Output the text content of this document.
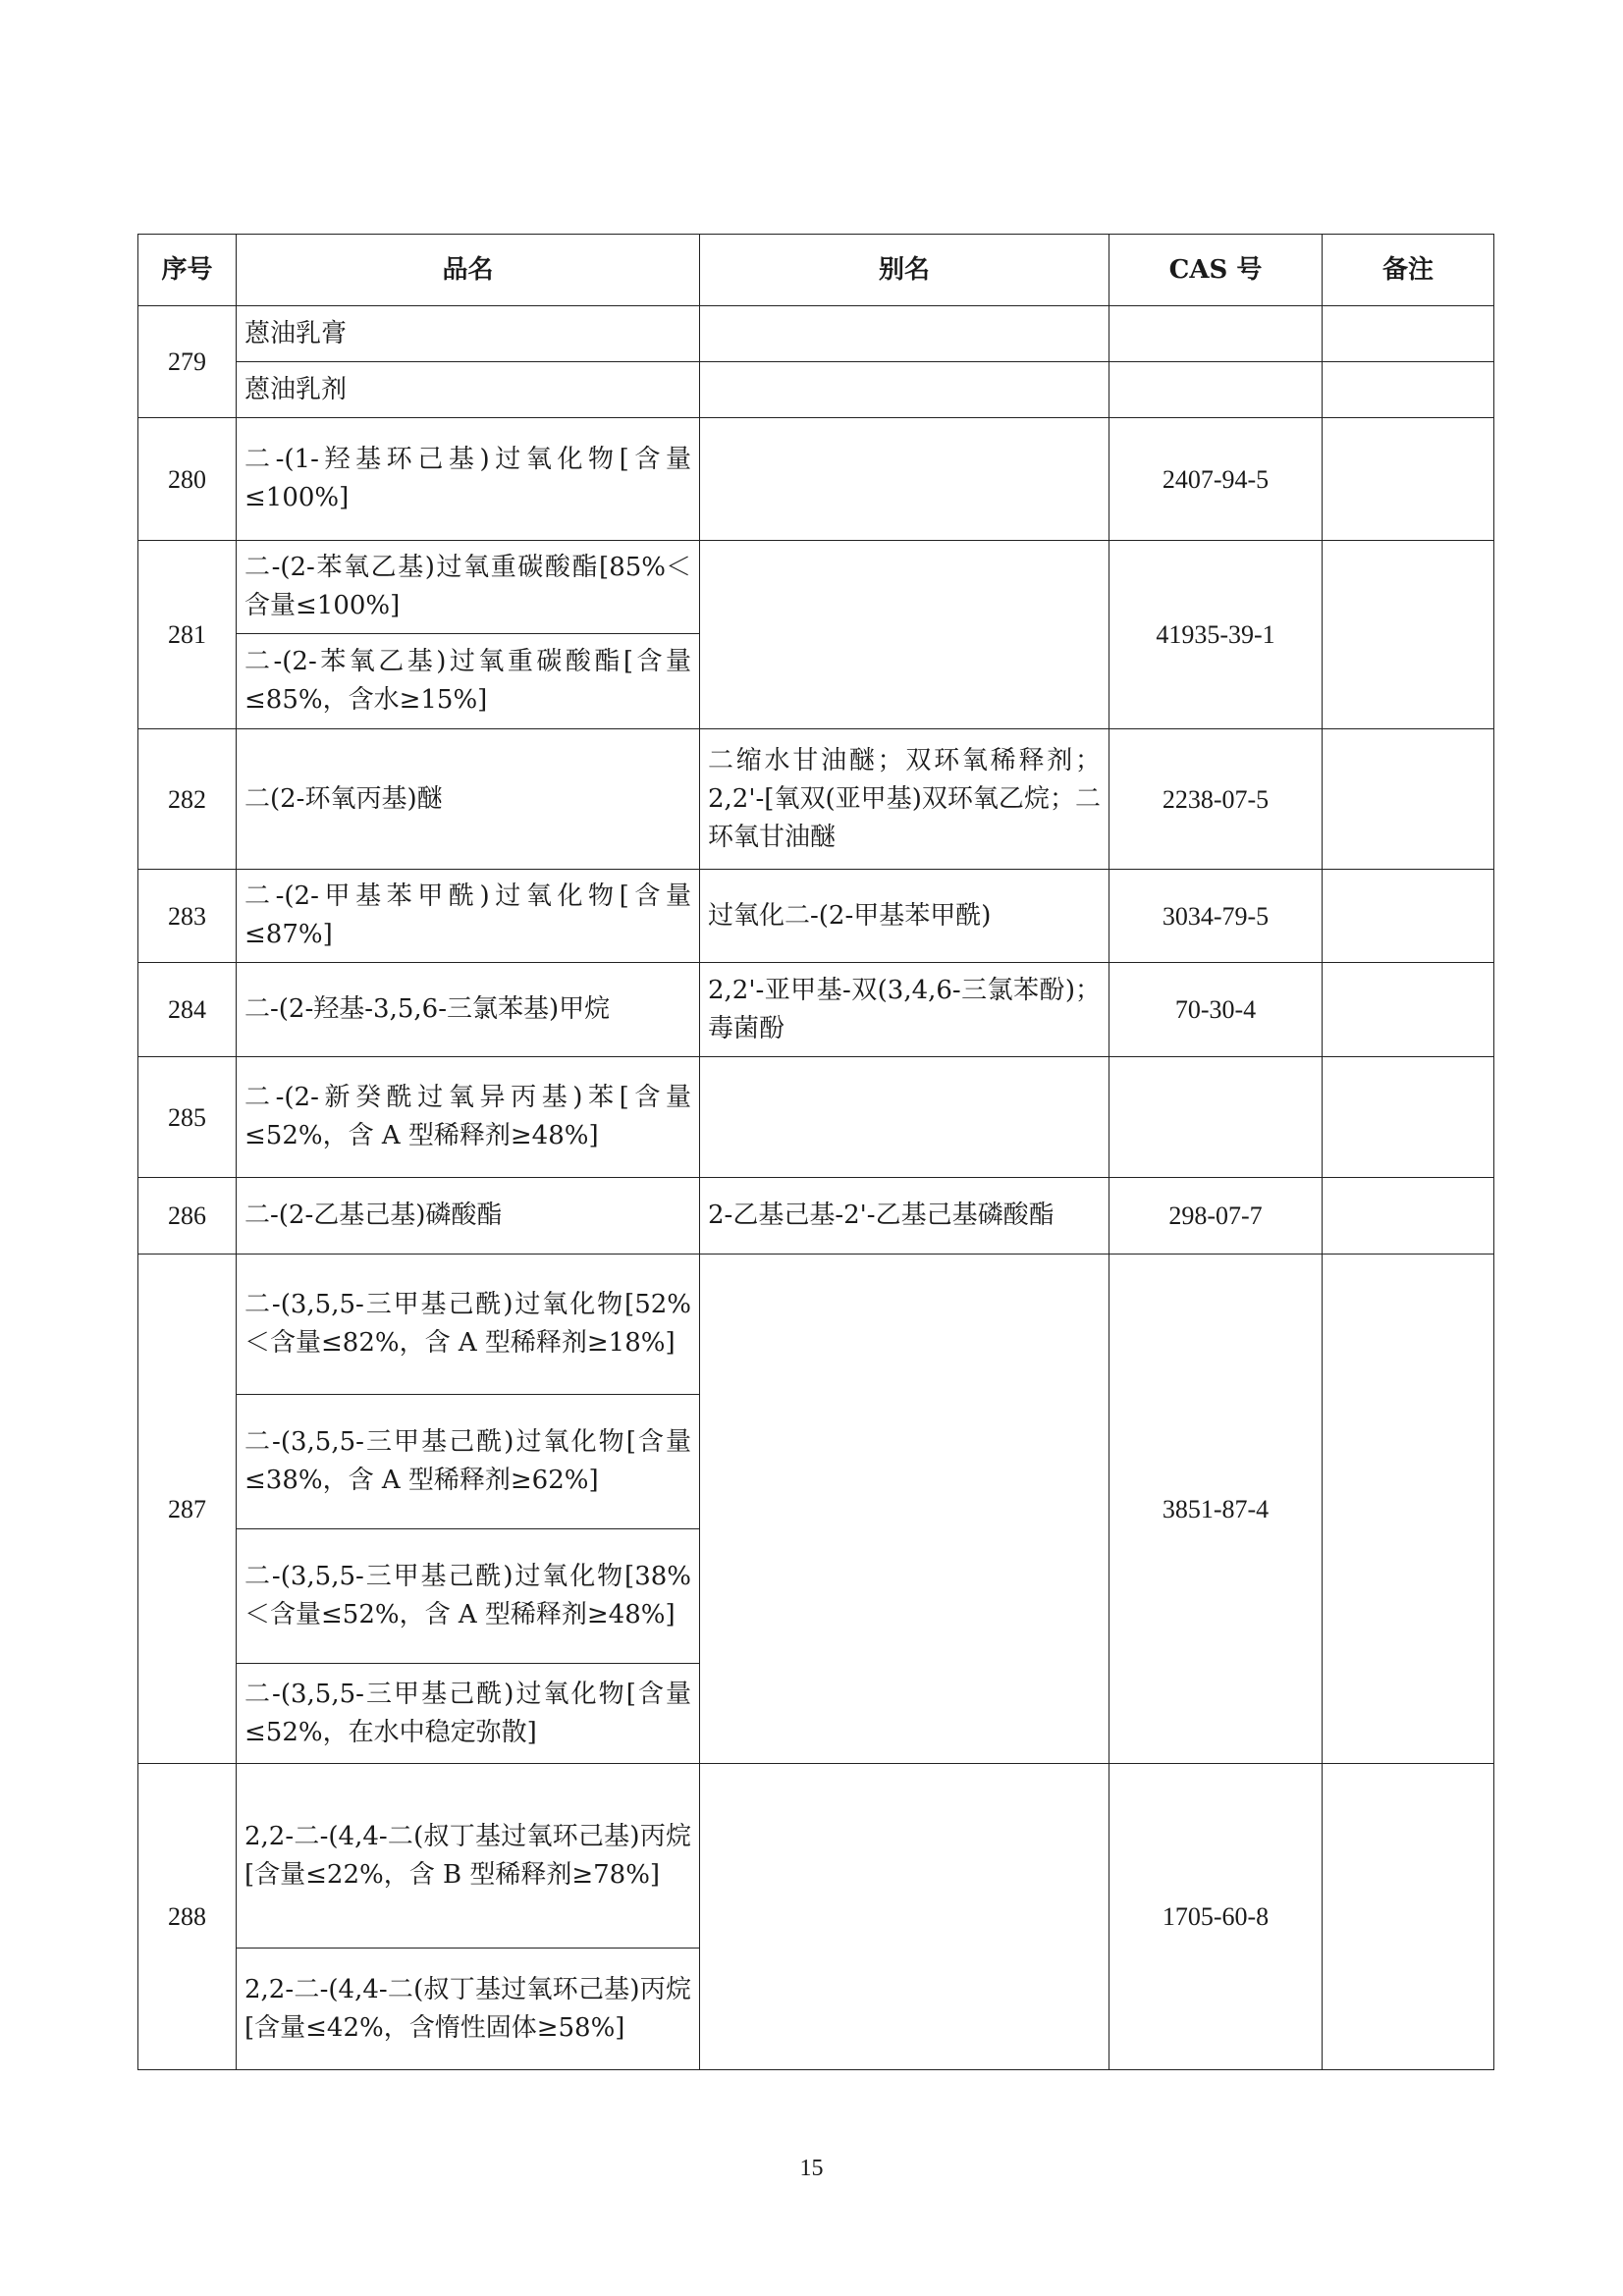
序号	品名	别名	CAS 号	备注
279	蒽油乳膏			
	蒽油乳剂			
280	二-(1-羟基环己基)过氧化物[含量≤100%]		2407-94-5	
281	二-(2-苯氧乙基)过氧重碳酸酯[85%＜含量≤100%]		41935-39-1	
	二-(2-苯氧乙基)过氧重碳酸酯[含量≤85%，含水≥15%]			
282	二(2-环氧丙基)醚	二缩水甘油醚；双环氧稀释剂；2,2'-[氧双(亚甲基)双环氧乙烷；二环氧甘油醚	2238-07-5	
283	二-(2-甲基苯甲酰)过氧化物[含量≤87%]	过氧化二-(2-甲基苯甲酰)	3034-79-5	
284	二-(2-羟基-3,5,6-三氯苯基)甲烷	2,2'-亚甲基-双(3,4,6-三氯苯酚)；毒菌酚	70-30-4	
285	二-(2-新癸酰过氧异丙基)苯[含量≤52%，含 A 型稀释剂≥48%]			
286	二-(2-乙基己基)磷酸酯	2-乙基己基-2'-乙基己基磷酸酯	298-07-7	
287	二-(3,5,5-三甲基己酰)过氧化物[52%＜含量≤82%，含 A 型稀释剂≥18%]		3851-87-4	
	二-(3,5,5-三甲基己酰)过氧化物[含量≤38%，含 A 型稀释剂≥62%]			
	二-(3,5,5-三甲基己酰)过氧化物[38%＜含量≤52%，含 A 型稀释剂≥48%]			
	二-(3,5,5-三甲基己酰)过氧化物[含量≤52%，在水中稳定弥散]			
288	2,2-二-(4,4-二(叔丁基过氧环己基)丙烷[含量≤22%，含 B 型稀释剂≥78%]		1705-60-8	
	2,2-二-(4,4-二(叔丁基过氧环己基)丙烷[含量≤42%，含惰性固体≥58%]			
15
